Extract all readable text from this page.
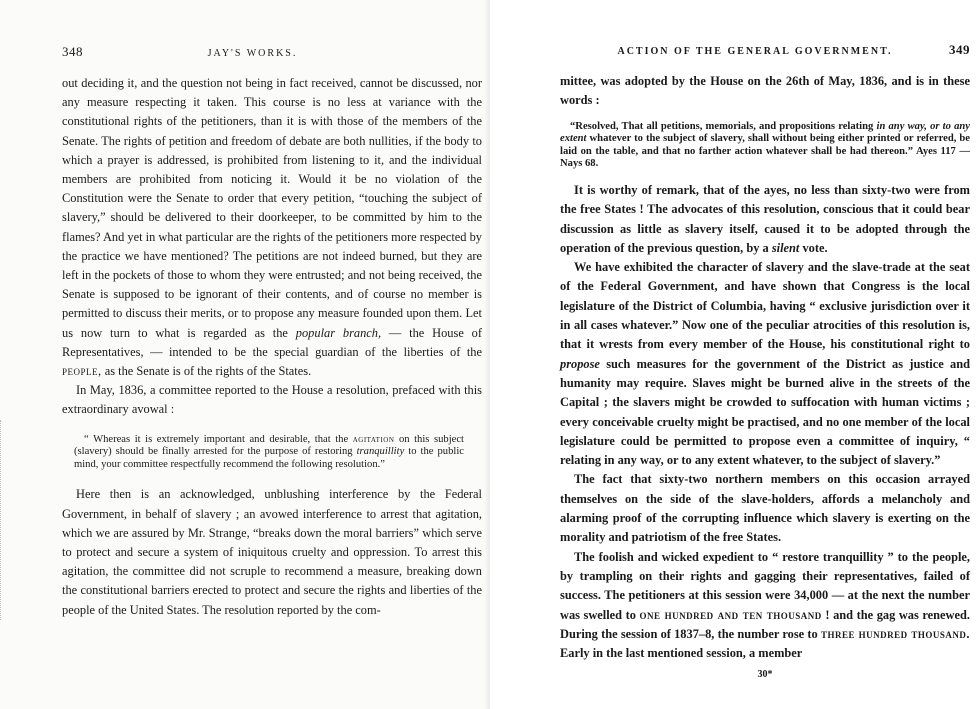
348	JAY'S WORKS.

out deciding it, and the question not being in fact received, cannot be discussed, nor any measure respecting it taken. This course is no less at variance with the constitutional rights of the petitioners, than it is with those of the members of the Senate. The rights of petition and freedom of debate are both nullities, if the body to which a prayer is addressed, is prohibited from listening to it, and the individual members are prohibited from noticing it. Would it be no violation of the Constitution were the Senate to order that every petition, “touching the subject of slavery,” should be delivered to their doorkeeper, to be committed by him to the flames? And yet in what particular are the rights of the petitioners more respected by the practice we have mentioned? The petitions are not indeed burned, but they are left in the pockets of those to whom they were entrusted; and not being received, the Senate is supposed to be ignorant of their contents, and of course no member is permitted to discuss their merits, or to propose any measure founded upon them. Let us now turn to what is regarded as the popular branch, — the House of Representatives, — intended to be the special guardian of the liberties of the people, as the Senate is of the rights of the States.

In May, 1836, a committee reported to the House a resolution, prefaced with this extraordinary avowal :

“ Whereas it is extremely important and desirable, that the agitation on this subject (slavery) should be finally arrested for the purpose of restoring tranquillity to the public mind, your committee respectfully recommend the following resolution.”

Here then is an acknowledged, unblushing interference by the Federal Government, in behalf of slavery ; an avowed interference to arrest that agitation, which we are assured by Mr. Strange, “breaks down the moral barriers” which serve to protect and secure a system of iniquitous cruelty and oppression. To arrest this agitation, the committee did not scruple to recommend a measure, breaking down the constitutional barriers erected to protect and secure the rights and liberties of the people of the United States. The resolution reported by the com-

ACTION OF THE GENERAL GOVERNMENT.	349

mittee, was adopted by the House on the 26th of May, 1836, and is in these words :

“Resolved, That all petitions, memorials, and propositions relating in any way, or to any extent whatever to the subject of slavery, shall without being either printed or referred, be laid on the table, and that no farther action whatever shall be had thereon.” Ayes 117 — Nays 68.

It is worthy of remark, that of the ayes, no less than sixty-two were from the free States ! The advocates of this resolution, conscious that it could bear discussion as little as slavery itself, caused it to be adopted through the operation of the previous question, by a silent vote.

We have exhibited the character of slavery and the slave-trade at the seat of the Federal Government, and have shown that Congress is the local legislature of the District of Columbia, having “ exclusive jurisdiction over it in all cases whatever.” Now one of the peculiar atrocities of this resolution is, that it wrests from every member of the House, his constitutional right to propose such measures for the government of the District as justice and humanity may require. Slaves might be burned alive in the streets of the Capital ; the slavers might be crowded to suffocation with human victims ; every conceivable cruelty might be practised, and no one member of the local legislature could be permitted to propose even a committee of inquiry, “ relating in any way, or to any extent whatever, to the subject of slavery.”

The fact that sixty-two northern members on this occasion arrayed themselves on the side of the slave-holders, affords a melancholy and alarming proof of the corrupting influence which slavery is exerting on the morality and patriotism of the free States.

The foolish and wicked expedient to “ restore tranquillity ” to the people, by trampling on their rights and gagging their representatives, failed of success. The petitioners at this session were 34,000 — at the next the number was swelled to one hundred and ten thousand ! and the gag was renewed. During the session of 1837–8, the number rose to three hundred thousand. Early in the last mentioned session, a member

30*
